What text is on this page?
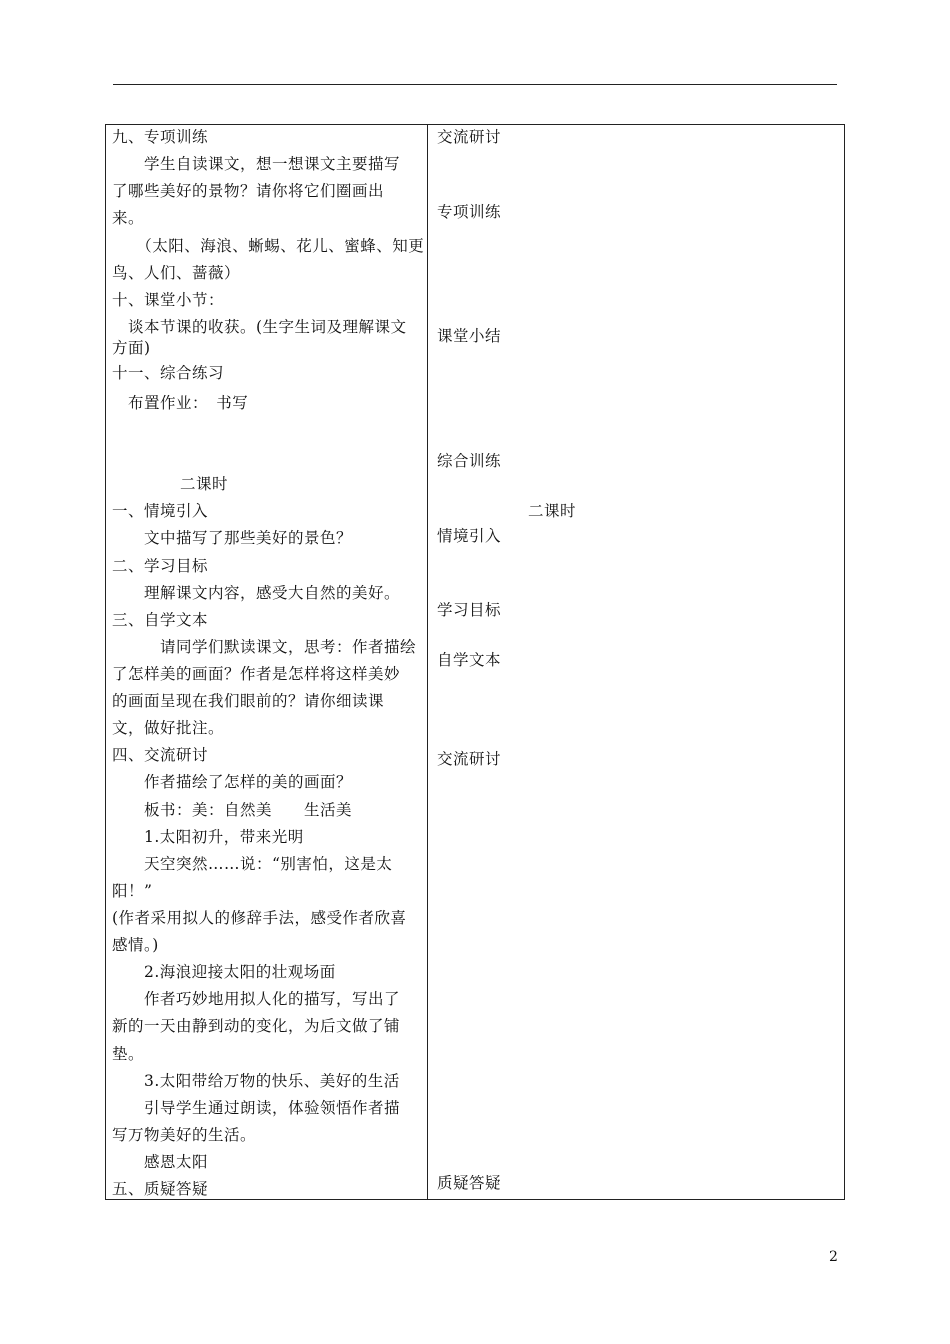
九、专项训练
　　学生自读课文，想一想课文主要描写
了哪些美好的景物？请你将它们圈画出
来。
　　（太阳、海浪、蜥蜴、花儿、蜜蜂、知更
鸟、人们、蔷薇）
十、课堂小节：
　谈本节课的收获。(生字生词及理解课文
方面)
十一、综合练习
　布置作业：　书写
二课时
一、情境引入
　　文中描写了那些美好的景色？
二、学习目标
　　理解课文内容，感受大自然的美好。
三、自学文本
　　　请同学们默读课文，思考：作者描绘
了怎样美的画面？作者是怎样将这样美妙
的画面呈现在我们眼前的？请你细读课
文，做好批注。
四、交流研讨
　　作者描绘了怎样的美的画面？
　　板书：美：自然美　　生活美
　　1.太阳初升，带来光明
　　天空突然……说：“别害怕，这是太
阳！”
(作者采用拟人的修辞手法，感受作者欣喜
感情。)
　　2.海浪迎接太阳的壮观场面
　　作者巧妙地用拟人化的描写，写出了
新的一天由静到动的变化，为后文做了铺
垫。
　　3.太阳带给万物的快乐、美好的生活
　　引导学生通过朗读，体验领悟作者描
写万物美好的生活。
　　感恩太阳
五、质疑答疑
交流研讨
专项训练
课堂小结
综合训练
二课时
情境引入
学习目标
自学文本
交流研讨
质疑答疑
2
